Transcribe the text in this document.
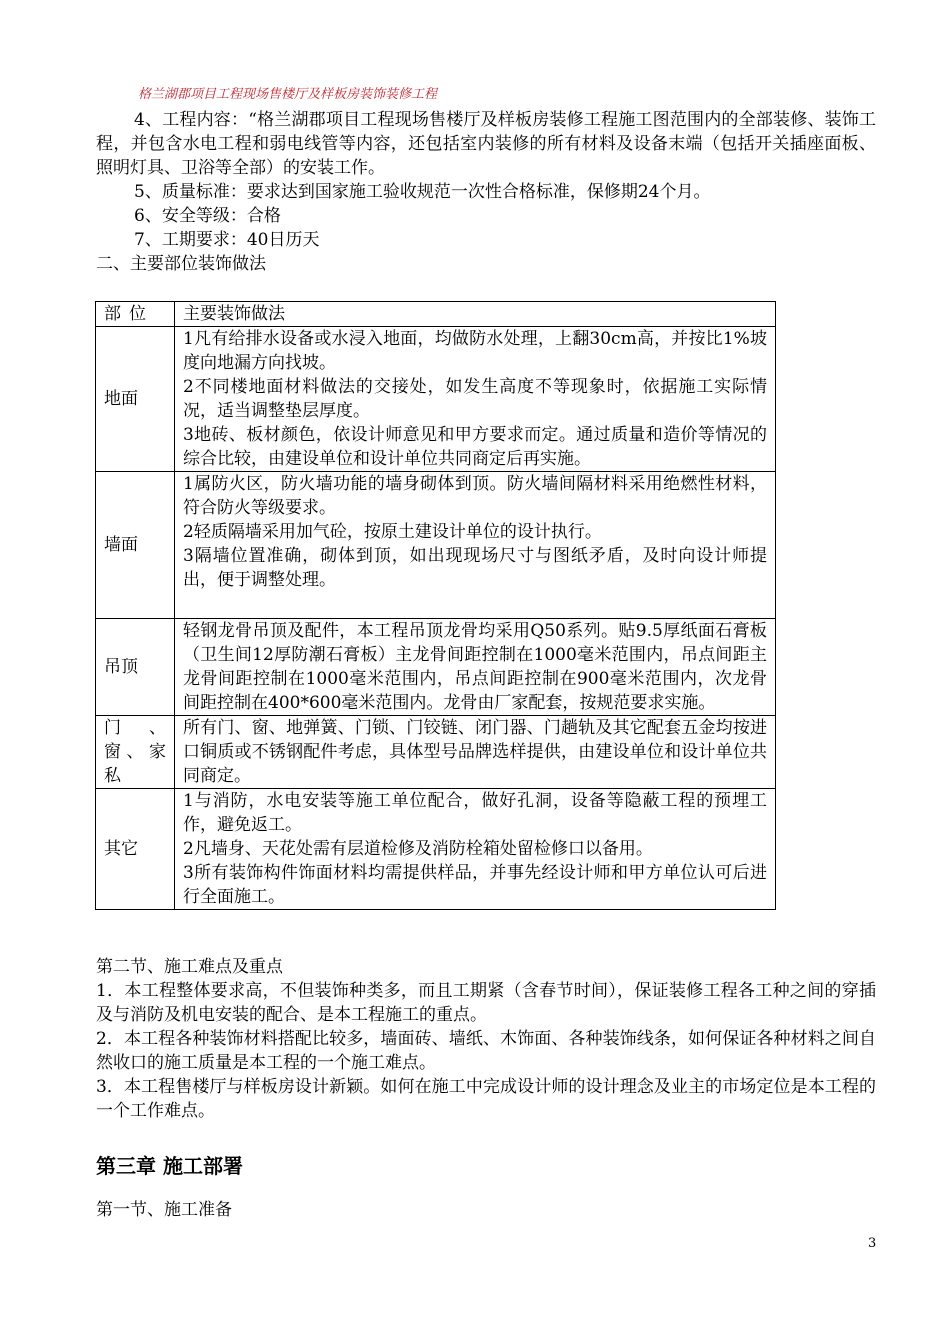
格兰湖郡项目工程现场售楼厅及样板房装饰装修工程

4、工程内容：“格兰湖郡项目工程现场售楼厅及样板房装修工程施工图范围内的全部装修、装饰工程，并包含水电工程和弱电线管等内容，还包括室内装修的所有材料及设备末端（包括开关插座面板、照明灯具、卫浴等全部）的安装工作。

5、质量标准：要求达到国家施工验收规范一次性合格标准，保修期24个月。

6、安全等级：合格

7、工期要求：40日历天

二、主要部位装饰做法

部位	主要装饰做法
地面	1凡有给排水设备或水浸入地面，均做防水处理，上翻30cm高，并按比1%坡度向地漏方向找坡。

2不同楼地面材料做法的交接处，如发生高度不等现象时，依据施工实际情况，适当调整垫层厚度。

3地砖、板材颜色，依设计师意见和甲方要求而定。通过质量和造价等情况的综合比较，由建设单位和设计单位共同商定后再实施。

墙面	1属防火区，防火墙功能的墙身砌体到顶。防火墙间隔材料采用绝燃性材料，符合防火等级要求。

2轻质隔墙采用加气砼，按原土建设计单位的设计执行。

3隔墙位置准确，砌体到顶，如出现现场尺寸与图纸矛盾，及时向设计师提出，便于调整处理。

吊顶	轻钢龙骨吊顶及配件，本工程吊顶龙骨均采用Q50系列。贴9.5厚纸面石膏板（卫生间12厚防潮石膏板）主龙骨间距控制在1000毫米范围内，吊点间距主龙骨间距控制在1000毫米范围内，吊点间距控制在900毫米范围内，次龙骨间距控制在400*600毫米范围内。龙骨由厂家配套，按规范要求实施。

门、窗、家私	所有门、窗、地弹簧、门锁、门铰链、闭门器、门趟轨及其它配套五金均按进口铜质或不锈钢配件考虑，具体型号品牌选样提供，由建设单位和设计单位共同商定。

其它	1与消防，水电安装等施工单位配合，做好孔洞，设备等隐蔽工程的预埋工作，避免返工。

2凡墙身、天花处需有层道检修及消防栓箱处留检修口以备用。

3所有装饰构件饰面材料均需提供样品，并事先经设计师和甲方单位认可后进行全面施工。

第二节、施工难点及重点

1．本工程整体要求高，不但装饰种类多，而且工期紧（含春节时间），保证装修工程各工种之间的穿插及与消防及机电安装的配合、是本工程施工的重点。

2．本工程各种装饰材料搭配比较多，墙面砖、墙纸、木饰面、各种装饰线条，如何保证各种材料之间自然收口的施工质量是本工程的一个施工难点。

3．本工程售楼厅与样板房设计新颖。如何在施工中完成设计师的设计理念及业主的市场定位是本工程的一个工作难点。

第三章 施工部署
第一节、施工准备
3
